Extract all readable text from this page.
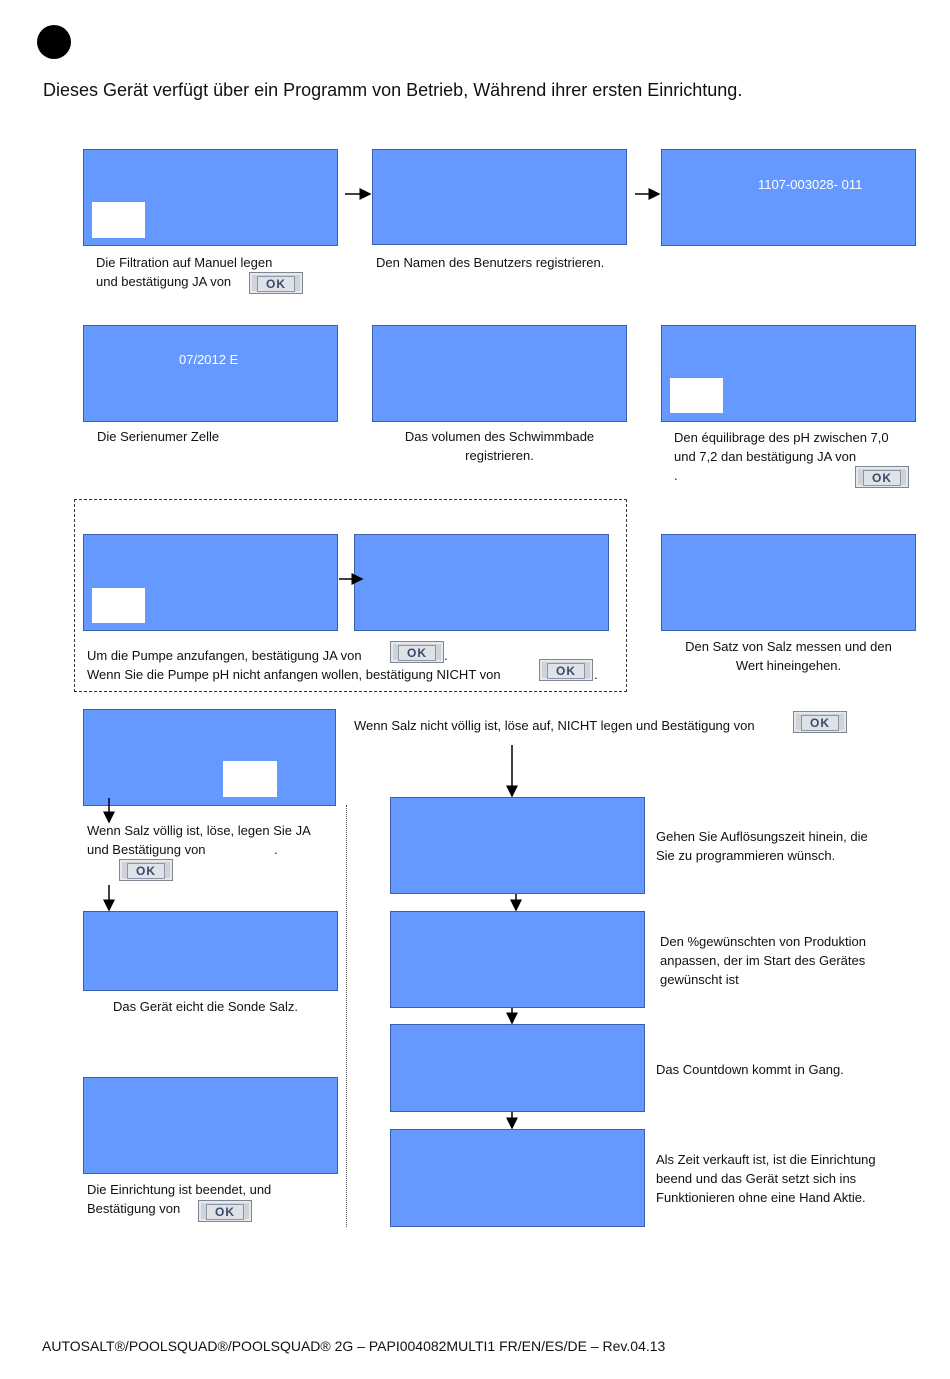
Dieses Gerät verfügt über ein Programm von Betrieb, Während ihrer ersten Einrichtung.
1107-003028- 011
Die Filtration auf Manuel legen
und bestätigung JA von	OK
Den Namen des Benutzers registrieren.
07/2012 E
Die Serienumer Zelle	Das volumen des Schwimmbade
registrieren.
Den équilibrage des pH zwischen 7,0
und 7,2 dan bestätigung JA von
.	OK
Um die Pumpe anzufangen, bestätigung JA von	OK	.
Wenn Sie die Pumpe pH nicht anfangen wollen, bestätigung NICHT von	OK	.
Den Satz von Salz messen und den
Wert hineingehen.
Wenn Salz nicht völlig ist, löse auf, NICHT legen und Bestätigung von	OK
Wenn Salz völlig ist, löse, legen Sie JA
und Bestätigung von	.
OK
Das Gerät eicht die Sonde Salz.
Die Einrichtung ist beendet, und
Bestätigung von	OK
Gehen Sie Auflösungszeit hinein, die
Sie zu programmieren wünsch.
Den %gewünschten von Produktion
anpassen, der im Start des Gerätes
gewünscht ist
Das Countdown kommt in Gang.
Als Zeit verkauft ist, ist die Einrichtung
beend und das Gerät setzt sich ins
Funktionieren ohne eine Hand Aktie.
AUTOSALT®/POOLSQUAD®/POOLSQUAD® 2G – PAPI004082MULTI1 FR/EN/ES/DE – Rev.04.13
